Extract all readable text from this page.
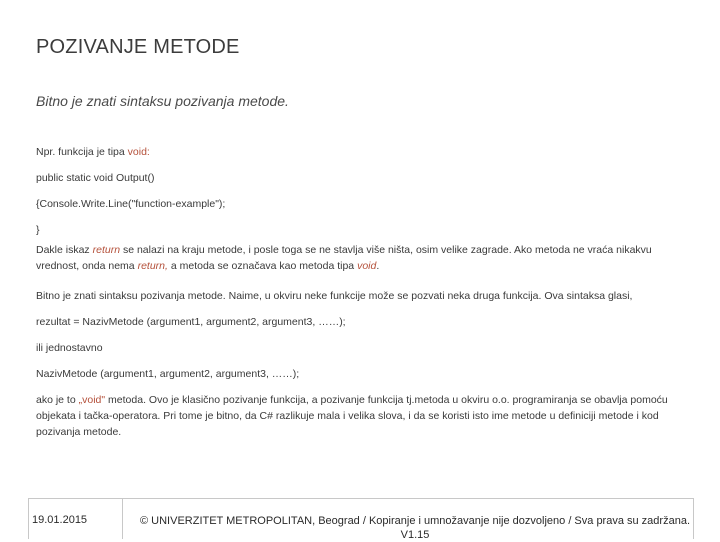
POZIVANJE METODE
Bitno je znati sintaksu pozivanja metode.

Npr. funkcija je tipa void:

public static void Output()

{Console.Write.Line("function-example");

}

Dakle iskaz return se nalazi na kraju metode, i posle toga se ne stavlja više ništa, osim velike zagrade. Ako metoda ne vraća nikakvu vrednost, onda nema return, a metoda se označava kao metoda tipa void.

Bitno je znati sintaksu pozivanja metode. Naime, u okviru neke funkcije može se pozvati neka druga funkcija. Ova sintaksa glasi,

rezultat = NazivMetode (argument1, argument2, argument3, ……);

ili jednostavno

NazivMetode (argument1, argument2, argument3, ……);

ako je to „void" metoda. Ovo je klasično pozivanje funkcija, a pozivanje funkcija tj.metoda u okviru o.o. programiranja se obavlja pomoću objekata i tačka-operatora. Pri tome je bitno, da C# razlikuje mala i velika slova, i da se koristi isto ime metode u definiciji metode i kod pozivanja metode.

19.01.2015	© UNIVERZITET METROPOLITAN, Beograd / Kopiranje i umnožavanje nije dozvoljeno / Sva prava su zadržana. V1.15
